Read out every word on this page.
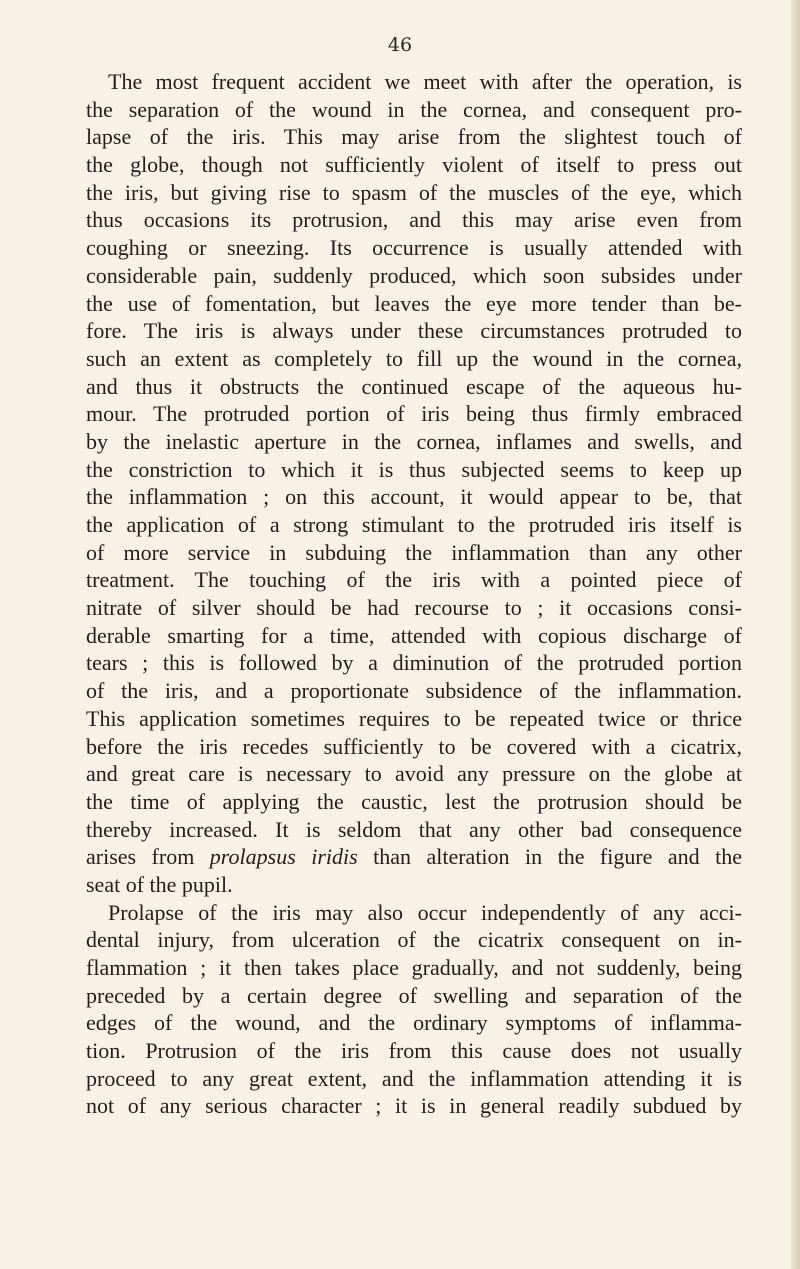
46
The most frequent accident we meet with after the operation, is
the separation of the wound in the cornea, and consequent pro-
lapse of the iris. This may arise from the slightest touch of
the globe, though not sufficiently violent of itself to press out
the iris, but giving rise to spasm of the muscles of the eye, which
thus occasions its protrusion, and this may arise even from
coughing or sneezing. Its occurrence is usually attended with
considerable pain, suddenly produced, which soon subsides under
the use of fomentation, but leaves the eye more tender than be-
fore. The iris is always under these circumstances protruded to
such an extent as completely to fill up the wound in the cornea,
and thus it obstructs the continued escape of the aqueous hu-
mour. The protruded portion of iris being thus firmly embraced
by the inelastic aperture in the cornea, inflames and swells, and
the constriction to which it is thus subjected seems to keep up
the inflammation ; on this account, it would appear to be, that
the application of a strong stimulant to the protruded iris itself is
of more service in subduing the inflammation than any other
treatment. The touching of the iris with a pointed piece of
nitrate of silver should be had recourse to ; it occasions consi-
derable smarting for a time, attended with copious discharge of
tears ; this is followed by a diminution of the protruded portion
of the iris, and a proportionate subsidence of the inflammation.
This application sometimes requires to be repeated twice or thrice
before the iris recedes sufficiently to be covered with a cicatrix,
and great care is necessary to avoid any pressure on the globe at
the time of applying the caustic, lest the protrusion should be
thereby increased. It is seldom that any other bad consequence
arises from prolapsus iridis than alteration in the figure and the
seat of the pupil.
Prolapse of the iris may also occur independently of any acci-
dental injury, from ulceration of the cicatrix consequent on in-
flammation ; it then takes place gradually, and not suddenly, being
preceded by a certain degree of swelling and separation of the
edges of the wound, and the ordinary symptoms of inflamma-
tion. Protrusion of the iris from this cause does not usually
proceed to any great extent, and the inflammation attending it is
not of any serious character ; it is in general readily subdued by
